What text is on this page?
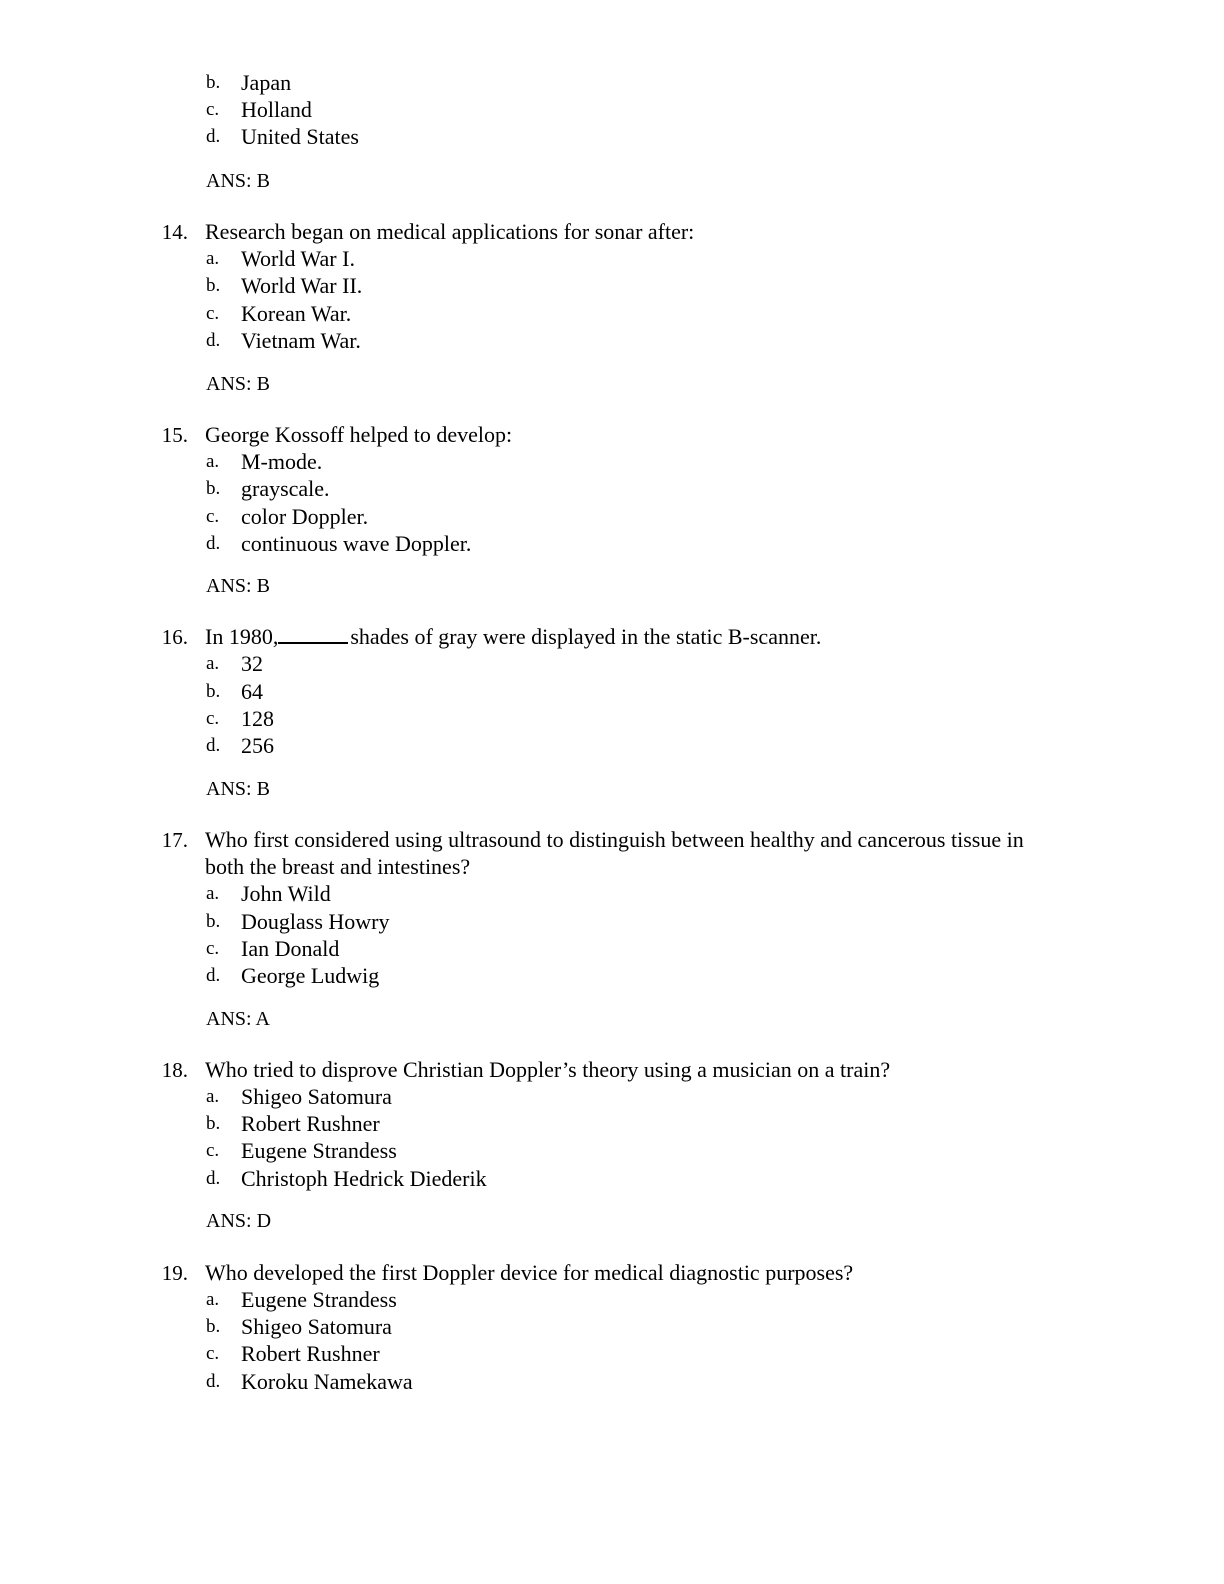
b. Japan
c. Holland
d. United States
ANS: B
14. Research began on medical applications for sonar after:
a. World War I.
b. World War II.
c. Korean War.
d. Vietnam War.
ANS: B
15. George Kossoff helped to develop:
a. M-mode.
b. grayscale.
c. color Doppler.
d. continuous wave Doppler.
ANS: B
16. In 1980,	shades of gray were displayed in the static B-scanner.
a. 32
b. 64
c. 128
d. 256
ANS: B
17. Who first considered using ultrasound to distinguish between healthy and cancerous tissue in
both the breast and intestines?
a. John Wild
b. Douglass Howry
c. Ian Donald
d. George Ludwig
ANS: A
18. Who tried to disprove Christian Doppler’s theory using a musician on a train?
a. Shigeo Satomura
b. Robert Rushner
c. Eugene Strandess
d. Christoph Hedrick Diederik
ANS: D
19. Who developed the first Doppler device for medical diagnostic purposes?
a. Eugene Strandess
b. Shigeo Satomura
c. Robert Rushner
d. Koroku Namekawa
